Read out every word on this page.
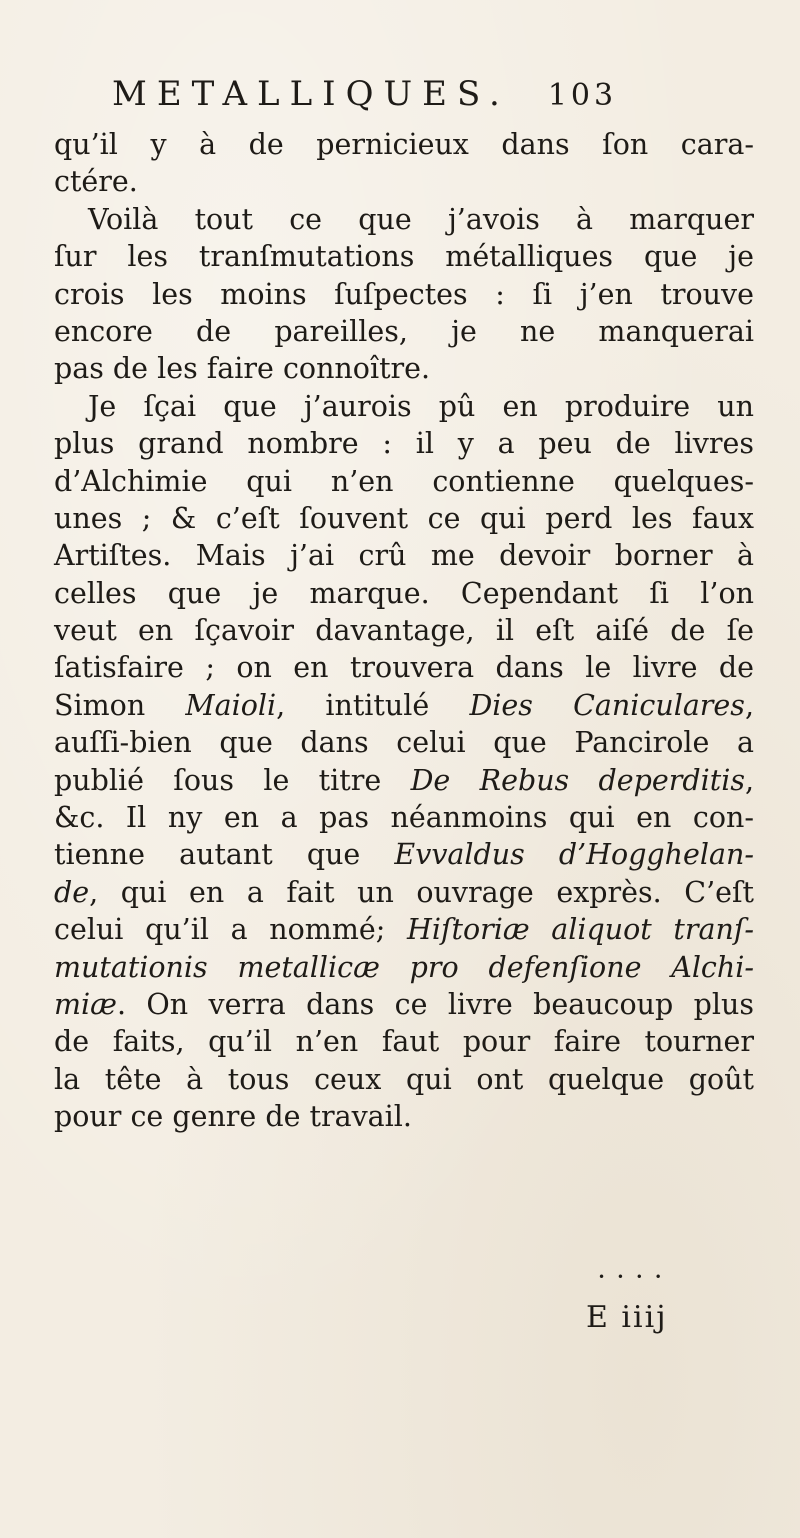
METALLIQUES. 103
qu’il y à de pernicieux dans ſon cara-
ctére.
Voilà tout ce que j’avois à marquer
ſur les tranſmutations métalliques que je
crois les moins ſuſpectes : ſi j’en trouve
encore de pareilles, je ne manquerai
pas de les faire connoître.
Je ſçai que j’aurois pû en produire un
plus grand nombre : il y a peu de livres
d’Alchimie qui n’en contienne quelques-
unes ; & c’eſt ſouvent ce qui perd les faux
Artiſtes. Mais j’ai crû me devoir borner à
celles que je marque. Cependant ſi l’on
veut en ſçavoir davantage, il eſt aiſé de ſe
ſatisfaire ; on en trouvera dans le livre de
Simon Maioli, intitulé Dies Caniculares,
auſſi-bien que dans celui que Pancirole a
publié ſous le titre De Rebus deperditis,
&c. Il ny en a pas néanmoins qui en con-
tienne autant que Evvaldus d’Hogghelan-
de, qui en a fait un ouvrage exprès. C’eſt
celui qu’il a nommé; Hiſtoriæ aliquot tranſ-
mutationis metallicæ pro defenſione Alchi-
miæ. On verra dans ce livre beaucoup plus
de faits, qu’il n’en faut pour faire tourner
la tête à tous ceux qui ont quelque goût
pour ce genre de travail.
• • • •
E iiij
